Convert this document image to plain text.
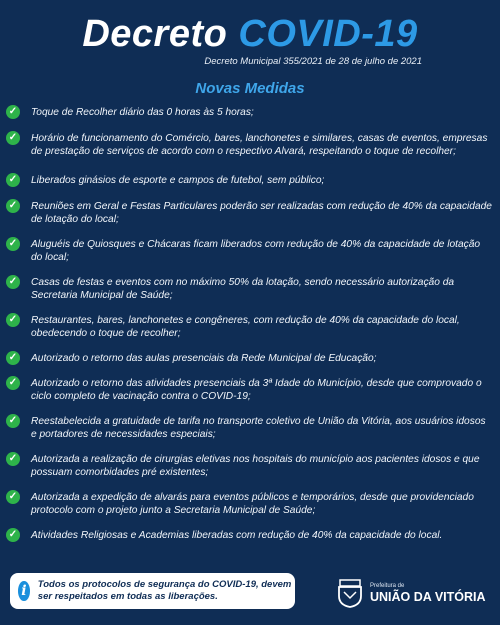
Decreto COVID-19
Decreto Municipal 355/2021 de 28 de julho de 2021
Novas Medidas
✓ Toque de Recolher diário das 0 horas às 5 horas;
✓ Horário de funcionamento do Comércio, bares, lanchonetes e similares, casas de eventos, empresas de prestação de serviços de acordo com o respectivo Alvará, respeitando o toque de recolher;
✓ Liberados ginásios de esporte e campos de futebol, sem público;
✓ Reuniões em Geral e Festas Particulares poderão ser realizadas com redução de 40% da capacidade de lotação do local;
✓ Aluguéis de Quiosques e Chácaras ficam liberados com redução de 40% da capacidade de lotação do local;
✓ Casas de festas e eventos com no máximo 50% da lotação, sendo necessário autorização da Secretaria Municipal de Saúde;
✓ Restaurantes, bares, lanchonetes e congêneres, com redução de 40% da capacidade do local, obedecendo o toque de recolher;
✓ Autorizado o retorno das aulas presenciais da Rede Municipal de Educação;
✓ Autorizado o retorno das atividades presenciais da 3ª Idade do Município, desde que comprovado o ciclo completo de vacinação contra o COVID-19;
✓ Reestabelecida a gratuidade de tarifa no transporte coletivo de União da Vitória, aos usuários idosos e portadores de necessidades especiais;
✓ Autorizada a realização de cirurgias eletivas nos hospitais do município aos pacientes idosos e que possuam comorbidades pré existentes;
✓ Autorizada a expedição de alvarás para eventos públicos e temporários, desde que providenciado protocolo com o projeto junto a Secretaria Municipal de Saúde;
✓ Atividades Religiosas e Academias liberadas com redução de 40% da capacidade do local.
i	Todos os protocolos de segurança do COVID-19, devem ser respeitados em todas as liberações.
Prefeitura de
UNIÃO DA VITÓRIA
